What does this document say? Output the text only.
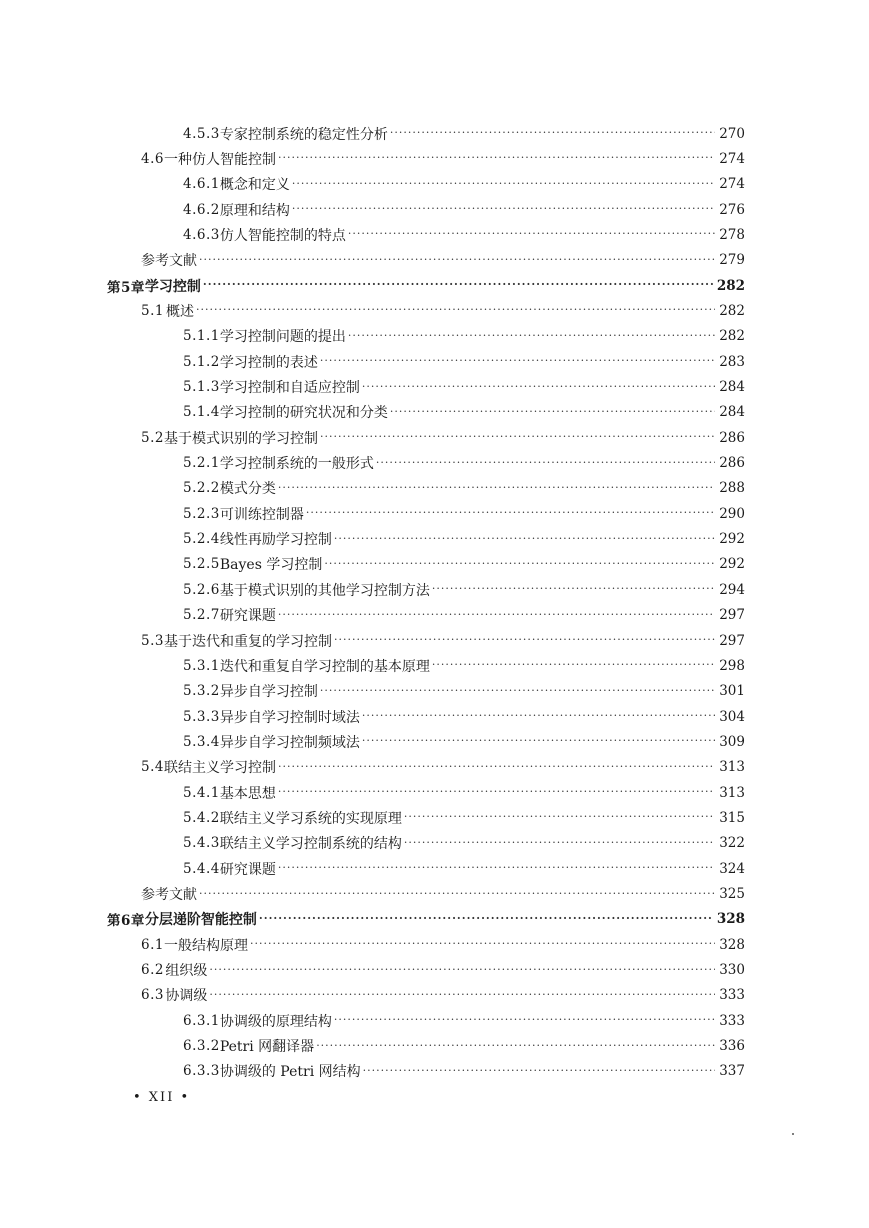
4.5.3 专家控制系统的稳定性分析 ·····	270
4.6 一种仿人智能控制 ·····	274
4.6.1 概念和定义 ·····	274
4.6.2 原理和结构 ·····	276
4.6.3 仿人智能控制的特点 ·····	278
参考文献 ·····	279
第5章 学习控制 ·····	282
5.1 概述 ·····	282
5.1.1 学习控制问题的提出 ·····	282
5.1.2 学习控制的表述 ·····	283
5.1.3 学习控制和自适应控制 ·····	284
5.1.4 学习控制的研究状况和分类 ·····	284
5.2 基于模式识别的学习控制 ·····	286
5.2.1 学习控制系统的一般形式 ·····	286
5.2.2 模式分类 ·····	288
5.2.3 可训练控制器 ·····	290
5.2.4 线性再励学习控制 ·····	292
5.2.5 Bayes 学习控制 ·····	292
5.2.6 基于模式识别的其他学习控制方法 ·····	294
5.2.7 研究课题 ·····	297
5.3 基于迭代和重复的学习控制 ·····	297
5.3.1 迭代和重复自学习控制的基本原理 ·····	298
5.3.2 异步自学习控制 ·····	301
5.3.3 异步自学习控制时域法 ·····	304
5.3.4 异步自学习控制频域法 ·····	309
5.4 联结主义学习控制 ·····	313
5.4.1 基本思想 ·····	313
5.4.2 联结主义学习系统的实现原理 ·····	315
5.4.3 联结主义学习控制系统的结构 ·····	322
5.4.4 研究课题 ·····	324
参考文献 ·····	325
第6章 分层递阶智能控制 ·····	328
6.1 一般结构原理 ·····	328
6.2 组织级 ·····	330
6.3 协调级 ·····	333
6.3.1 协调级的原理结构 ·····	333
6.3.2 Petri 网翻译器 ·····	336
6.3.3 协调级的 Petri 网结构 ·····	337
• XII •
